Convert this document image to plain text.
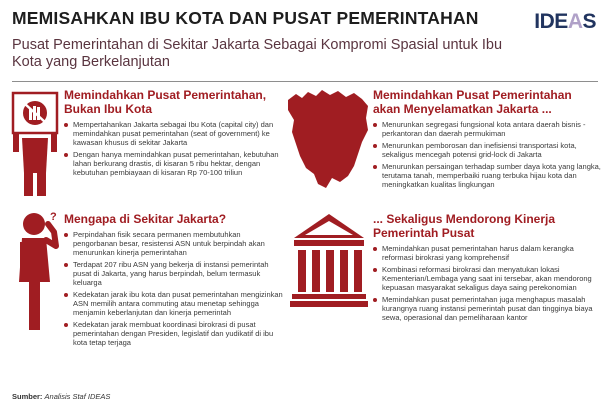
MEMISAHKAN IBU KOTA DAN PUSAT PEMERINTAHAN
Pusat Pemerintahan di Sekitar Jakarta Sebagai Kompromi Spasial untuk Ibu Kota yang Berkelanjutan
IDEAS
Memindahkan Pusat Pemerintahan, Bukan Ibu Kota
Mempertahankan Jakarta sebagai Ibu Kota (capital city) dan memindahkan pusat pemerintahan (seat of government) ke kawasan khusus di sekitar Jakarta
Dengan hanya memindahkan pusat pemerintahan, kebutuhan lahan berkurang drastis, di kisaran 5 ribu hektar, dengan kebutuhan pembiayaan di kisaran Rp 70-100 triliun
Memindahkan Pusat Pemerintahan akan Menyelamatkan Jakarta ...
Menurunkan segregasi fungsional kota antara daerah bisnis - perkantoran dan daerah permukiman
Menurunkan pemborosan dan inefisiensi transportasi kota, sekaligus mencegah potensi grid-lock di Jakarta
Menurunkan persaingan terhadap sumber daya kota yang langka, terutama tanah, memperbaiki ruang terbuka hijau kota dan meningkatkan kualitas lingkungan
? Mengapa di Sekitar Jakarta?
Perpindahan fisik secara permanen membutuhkan pengorbanan besar, resistensi ASN untuk berpindah akan menurunkan kinerja pemerintahan
Terdapat 207 ribu ASN yang bekerja di instansi pemerintah pusat di Jakarta, yang harus berpindah, belum termasuk keluarga
Kedekatan jarak ibu kota dan pusat pemerintahan mengizinkan ASN memilih antara commuting atau menetap sehingga menjamin keberlanjutan dan kinerja pemerintah
Kedekatan jarak membuat koordinasi birokrasi di pusat pemerintahan dengan Presiden, legislatif dan yudikatif di ibu kota tetap terjaga
... Sekaligus Mendorong Kinerja Pemerintah Pusat
Memindahkan pusat pemerintahan harus dalam kerangka reformasi birokrasi yang komprehensif
Kombinasi reformasi birokrasi dan menyatukan lokasi Kementerian/Lembaga yang saat ini tersebar, akan mendorong kepuasan masyarakat sekaligus daya saing perekonomian
Memindahkan pusat pemerintahan juga menghapus masalah kurangnya ruang instansi pemerintah pusat dan tingginya biaya sewa, operasional dan pemeliharaan kantor
Sumber: Analisis Staf IDEAS
